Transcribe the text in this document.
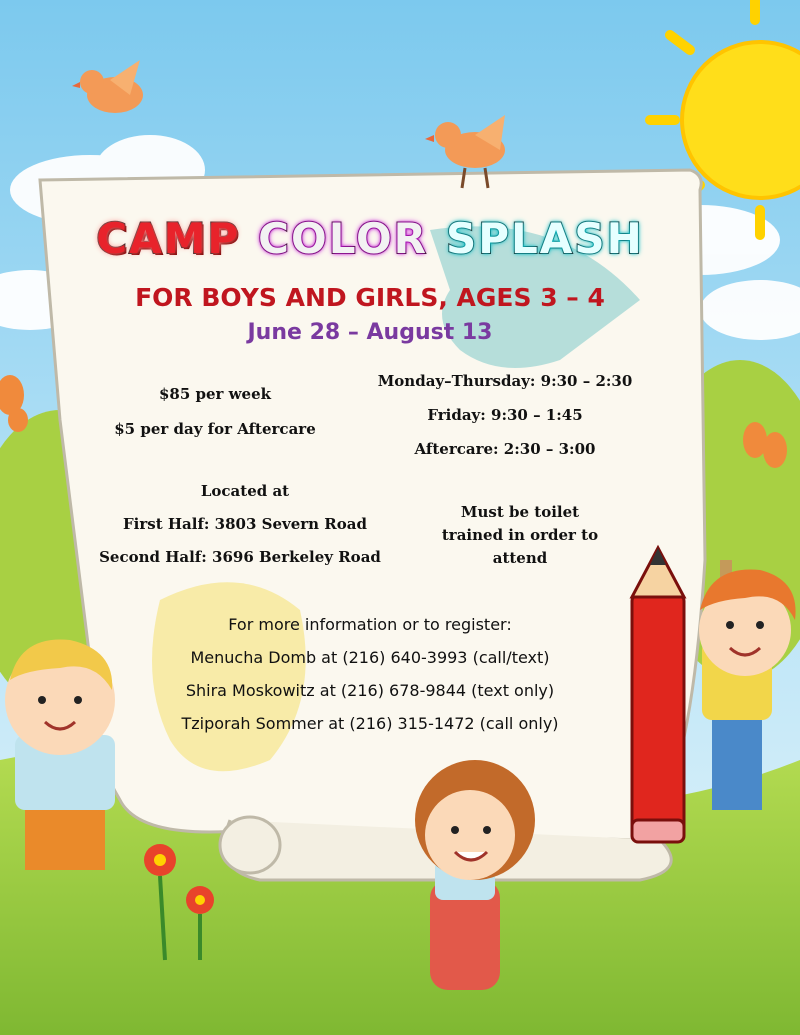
CAMP COLOR SPLASH
FOR BOYS AND GIRLS, AGES 3 – 4
June 28 – August 13
$85 per week
$5 per day for Aftercare
Monday–Thursday: 9:30 – 2:30
Friday: 9:30 – 1:45
Aftercare: 2:30 – 3:00
Located at
First Half: 3803 Severn Road
Second Half: 3696 Berkeley Road
Must be toilet
trained in order to
attend
For more information or to register:
Menucha Domb at (216) 640-3993 (call/text)
Shira Moskowitz at (216) 678-9844 (text only)
Tziporah Sommer at (216) 315-1472 (call only)
